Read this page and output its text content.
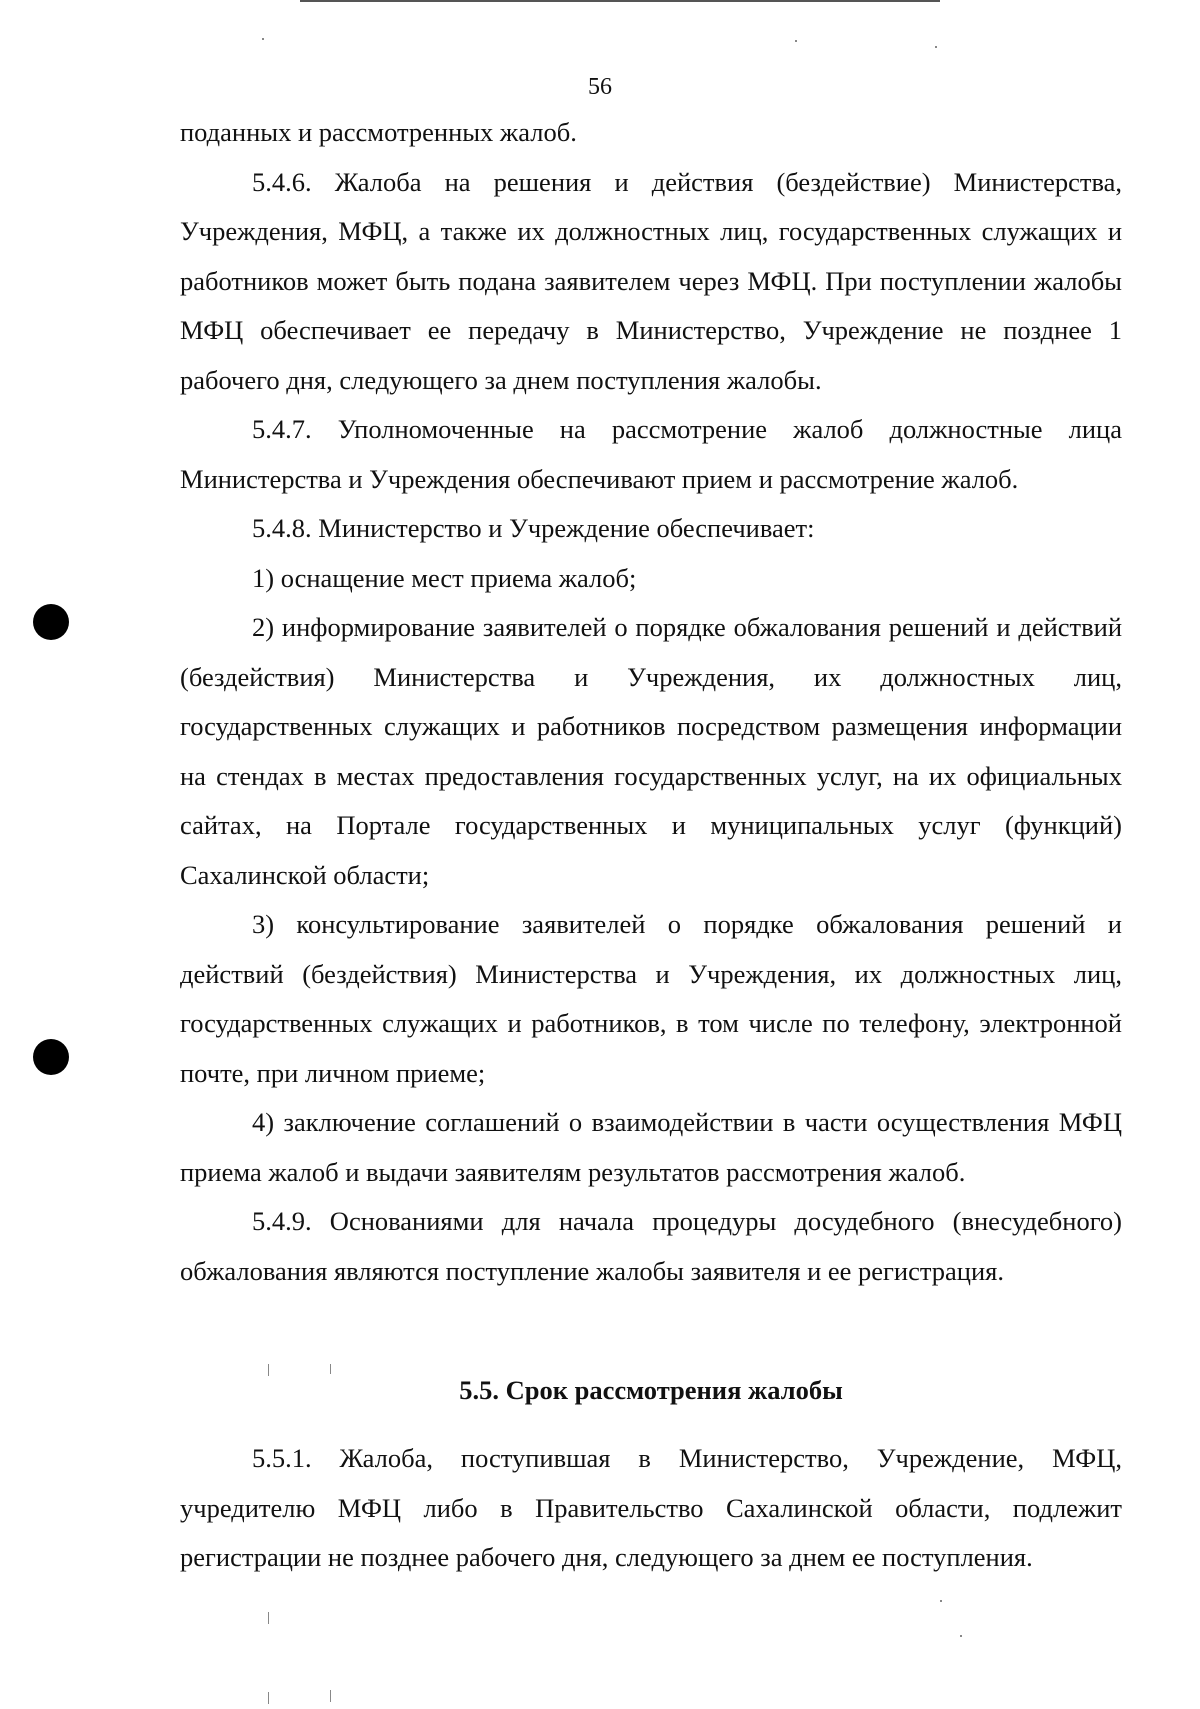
56

поданных и рассмотренных жалоб.

5.4.6. Жалоба на решения и действия (бездействие) Министерства, Учреждения, МФЦ, а также их должностных лиц, государственных служащих и работников может быть подана заявителем через МФЦ. При поступлении жалобы МФЦ обеспечивает ее передачу в Министерство, Учреждение не позднее 1 рабочего дня, следующего за днем поступления жалобы.

5.4.7. Уполномоченные на рассмотрение жалоб должностные лица Министерства и Учреждения обеспечивают прием и рассмотрение жалоб.

5.4.8. Министерство и Учреждение обеспечивает:

1) оснащение мест приема жалоб;

2) информирование заявителей о порядке обжалования решений и действий (бездействия) Министерства и Учреждения, их должностных лиц, государственных служащих и работников посредством размещения информации на стендах в местах предоставления государственных услуг, на их официальных сайтах, на Портале государственных и муниципальных услуг (функций) Сахалинской области;

3) консультирование заявителей о порядке обжалования решений и действий (бездействия) Министерства и Учреждения, их должностных лиц, государственных служащих и работников, в том числе по телефону, электронной почте, при личном приеме;

4) заключение соглашений о взаимодействии в части осуществления МФЦ приема жалоб и выдачи заявителям результатов рассмотрения жалоб.

5.4.9. Основаниями для начала процедуры досудебного (внесудебного) обжалования являются поступление жалобы заявителя и ее регистрация.

5.5. Срок рассмотрения жалобы

5.5.1. Жалоба, поступившая в Министерство, Учреждение, МФЦ, учредителю МФЦ либо в Правительство Сахалинской области, подлежит регистрации не позднее рабочего дня, следующего за днем ее поступления.
